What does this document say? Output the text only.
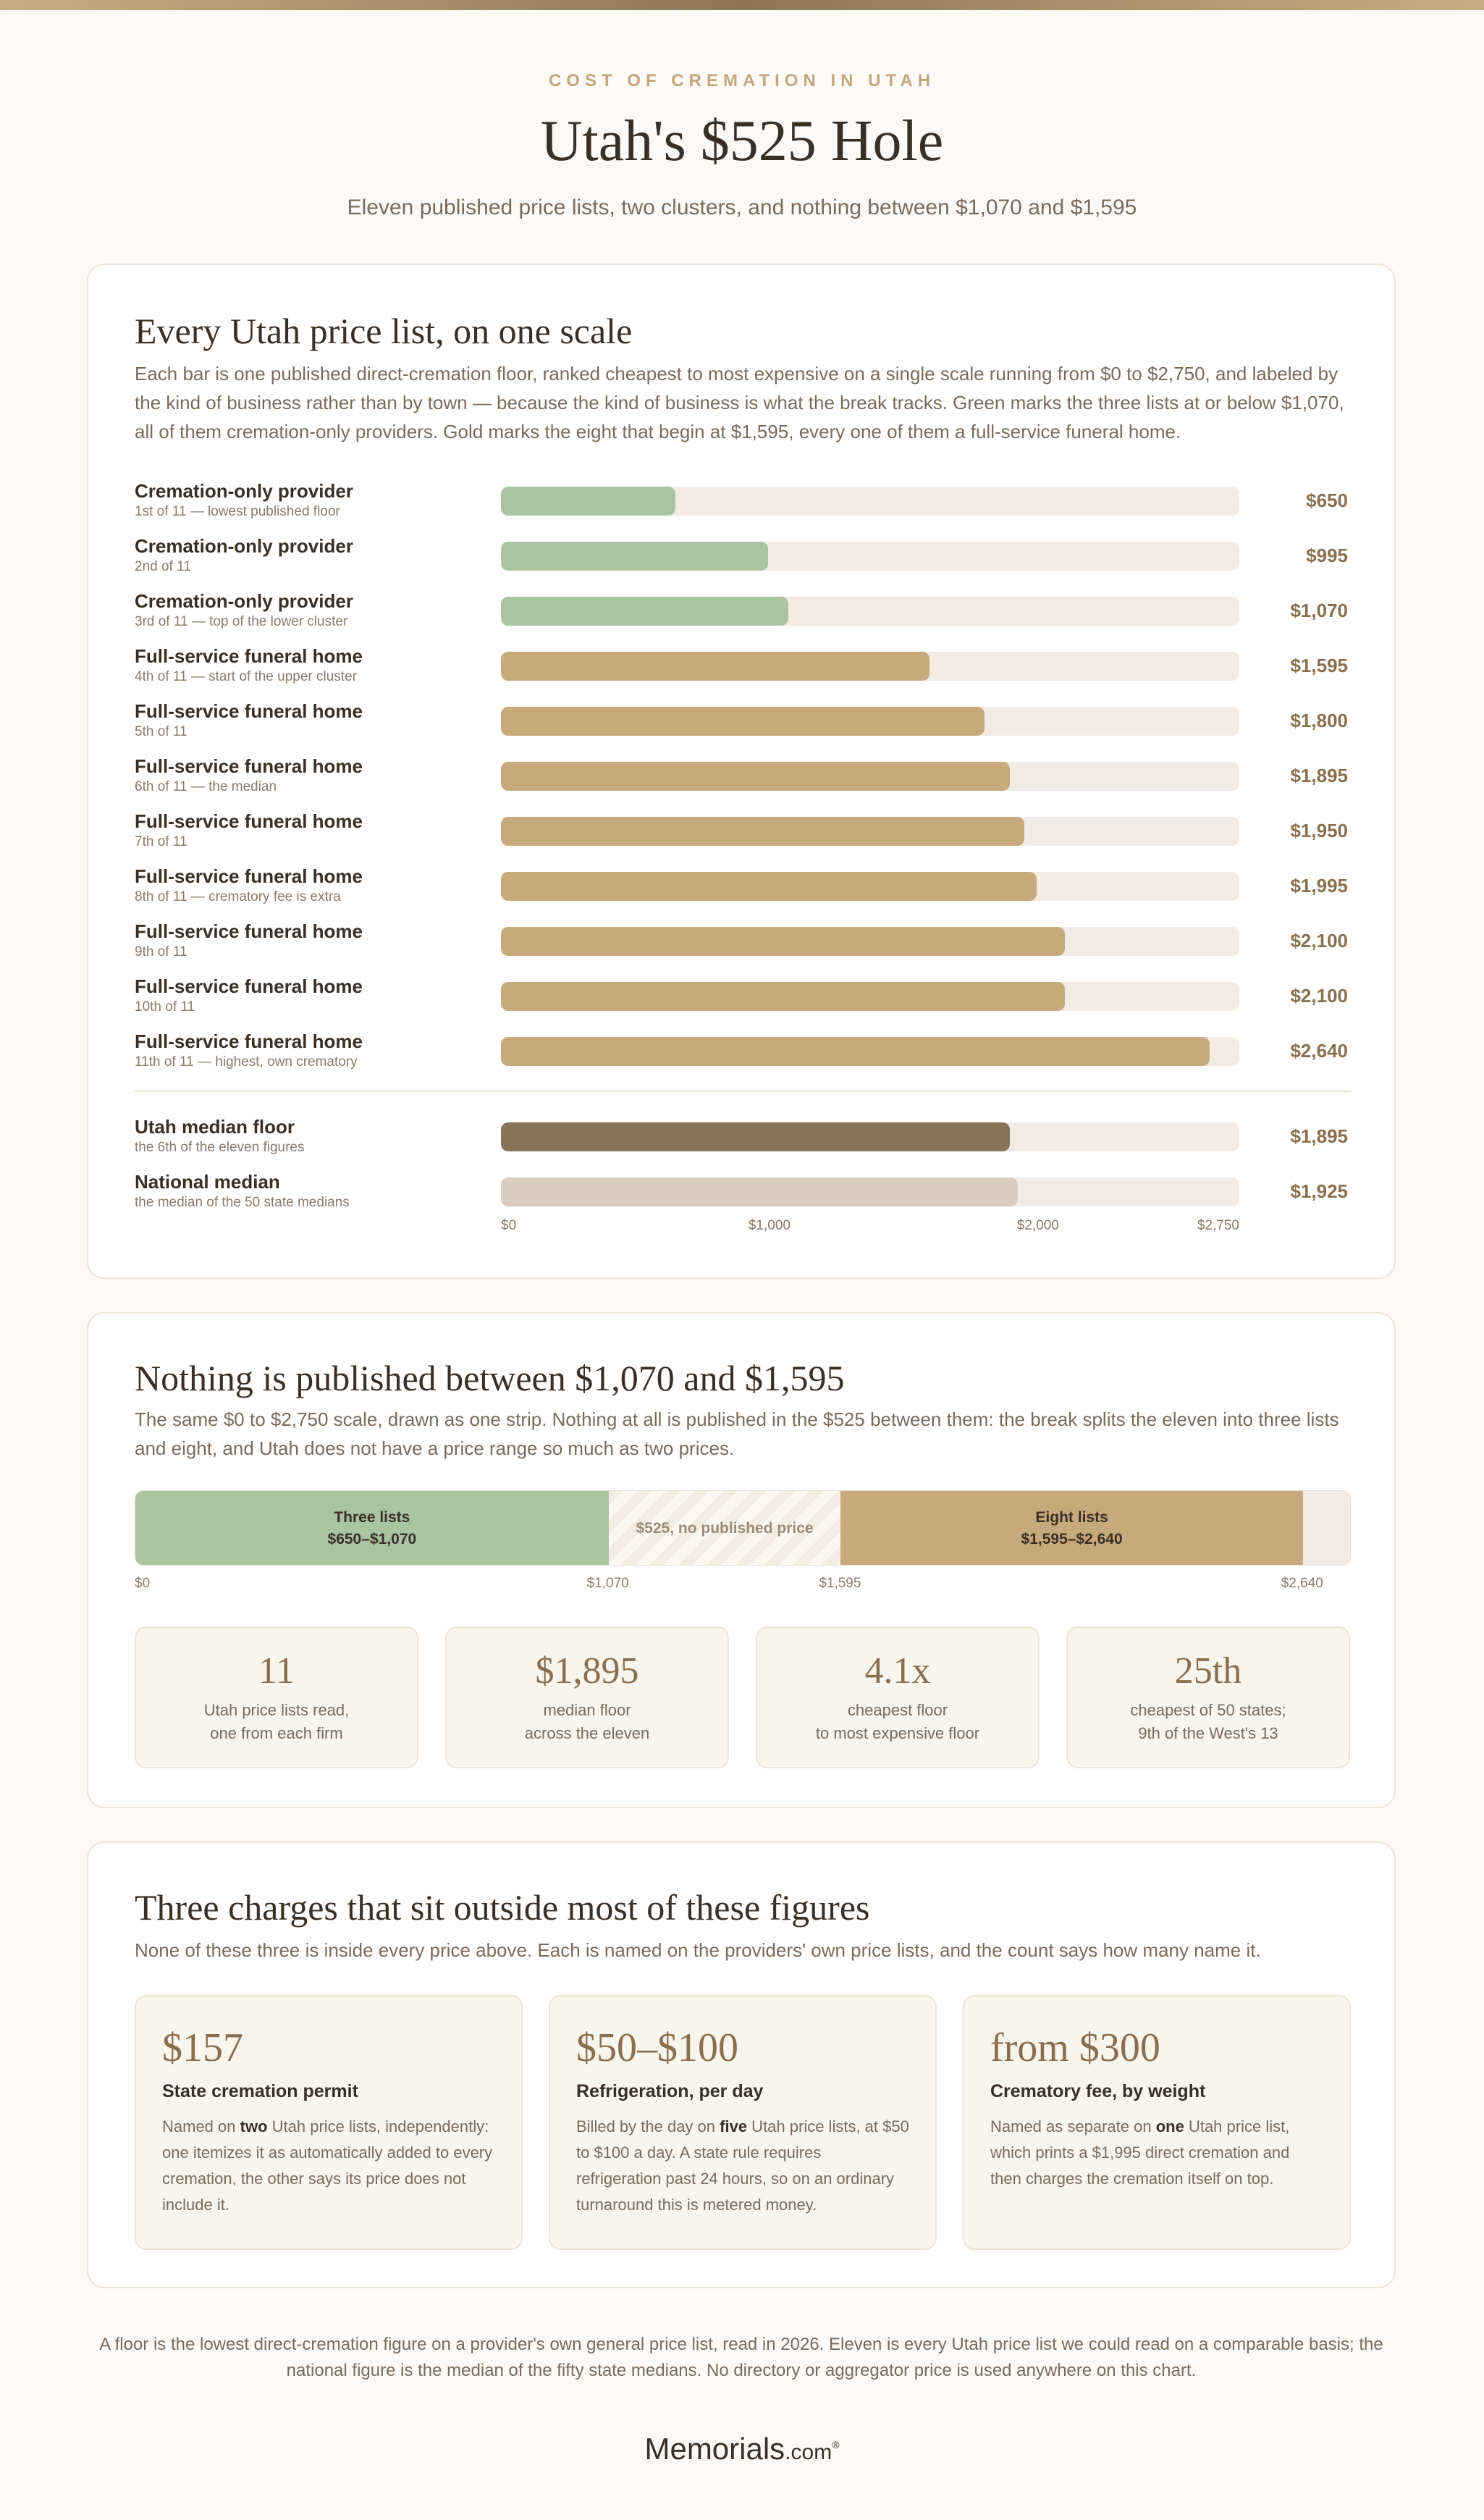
COST OF CREMATION IN UTAH
Utah's $525 Hole
Eleven published price lists, two clusters, and nothing between $1,070 and $1,595
Every Utah price list, on one scale
Each bar is one published direct-cremation floor, ranked cheapest to most expensive on a single scale running from $0 to $2,750, and labeled by the kind of business rather than by town — because the kind of business is what the break tracks. Green marks the three lists at or below $1,070, all of them cremation-only providers. Gold marks the eight that begin at $1,595, every one of them a full-service funeral home.
Cremation-only provider
1st of 11 — lowest published floor
$650
Cremation-only provider
2nd of 11
$995
Cremation-only provider
3rd of 11 — top of the lower cluster
$1,070
Full-service funeral home
4th of 11 — start of the upper cluster
$1,595
Full-service funeral home
5th of 11
$1,800
Full-service funeral home
6th of 11 — the median
$1,895
Full-service funeral home
7th of 11
$1,950
Full-service funeral home
8th of 11 — crematory fee is extra
$1,995
Full-service funeral home
9th of 11
$2,100
Full-service funeral home
10th of 11
$2,100
Full-service funeral home
11th of 11 — highest, own crematory
$2,640
Utah median floor
the 6th of the eleven figures
$1,895
National median
the median of the 50 state medians
$1,925
$0	$1,000	$2,000	$2,750
Nothing is published between $1,070 and $1,595
The same $0 to $2,750 scale, drawn as one strip. Nothing at all is published in the $525 between them: the break splits the eleven into three lists and eight, and Utah does not have a price range so much as two prices.
Three lists
$650–$1,070
$525, no published price
Eight lists
$1,595–$2,640
$0	$1,070	$1,595	$2,640
11
Utah price lists read,
one from each firm
$1,895
median floor
across the eleven
4.1x
cheapest floor
to most expensive floor
25th
cheapest of 50 states;
9th of the West's 13
Three charges that sit outside most of these figures
None of these three is inside every price above. Each is named on the providers' own price lists, and the count says how many name it.
$157
State cremation permit
Named on two Utah price lists, independently: one itemizes it as automatically added to every cremation, the other says its price does not include it.
$50–$100
Refrigeration, per day
Billed by the day on five Utah price lists, at $50 to $100 a day. A state rule requires refrigeration past 24 hours, so on an ordinary turnaround this is metered money.
from $300
Crematory fee, by weight
Named as separate on one Utah price list, which prints a $1,995 direct cremation and then charges the cremation itself on top.
A floor is the lowest direct-cremation figure on a provider's own general price list, read in 2026. Eleven is every Utah price list we could read on a comparable basis; the national figure is the median of the fifty state medians. No directory or aggregator price is used anywhere on this chart.
Memorials.com®
